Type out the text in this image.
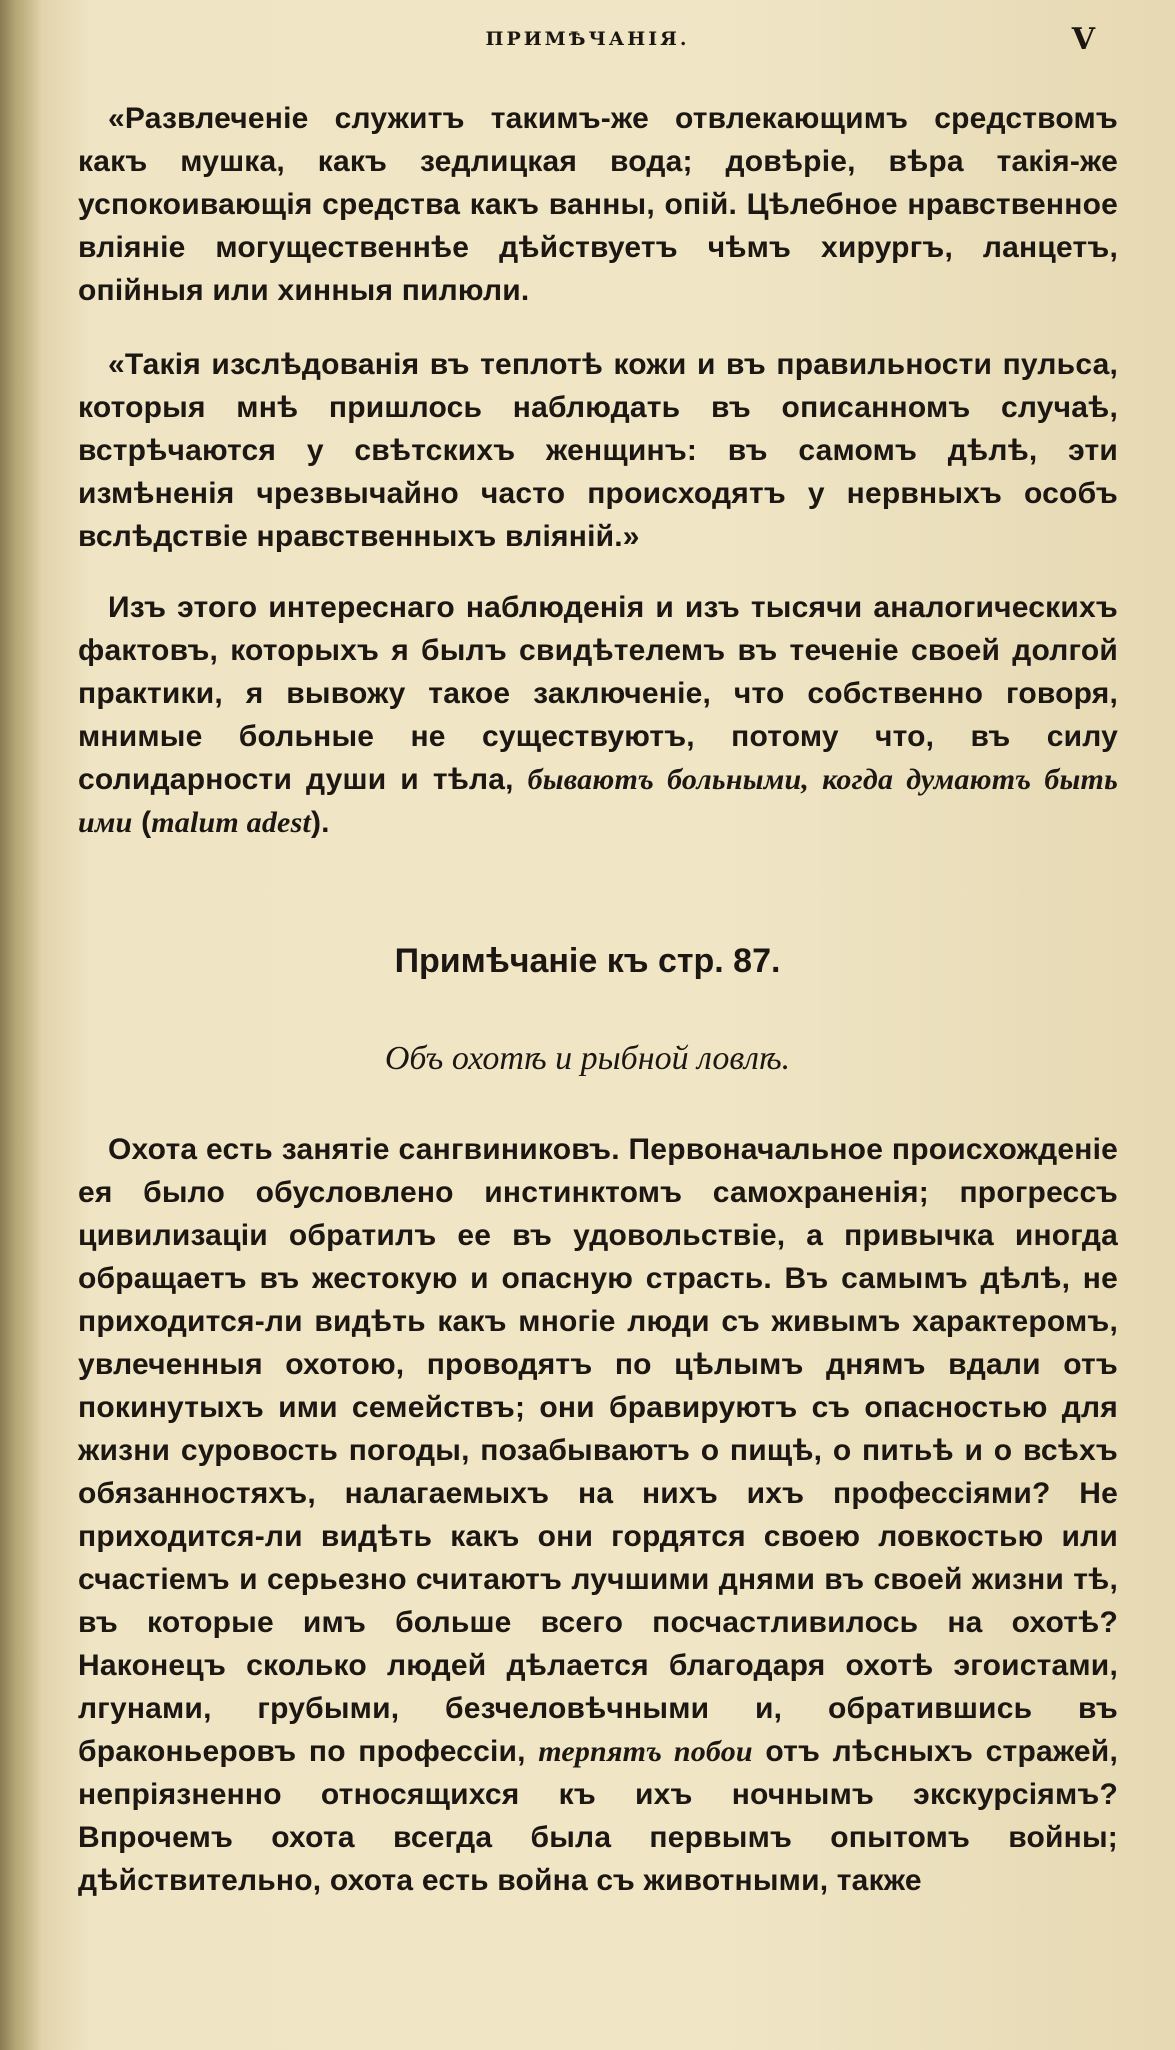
ПРИМѢЧАНІЯ.	V

«Развлеченіе служитъ такимъ-же отвлекающимъ средствомъ какъ мушка, какъ зедлицкая вода; довѣріе, вѣра такія-же успокоивающія средства какъ ванны, опій. Цѣлебное нравственное вліяніе могущественнѣе дѣйствуетъ чѣмъ хирургъ, ланцетъ, опійныя или хинныя пилюли.

«Такія изслѣдованія въ теплотѣ кожи и въ правильности пульса, которыя мнѣ пришлось наблюдать въ описанномъ случаѣ, встрѣчаются у свѣтскихъ женщинъ: въ самомъ дѣлѣ, эти измѣненія чрезвычайно часто происходятъ у нервныхъ особъ вслѣдствіе нравственныхъ вліяній.»

Изъ этого интереснаго наблюденія и изъ тысячи аналогическихъ фактовъ, которыхъ я былъ свидѣтелемъ въ теченіе своей долгой практики, я вывожу такое заключеніе, что собственно говоря, мнимые больные не существуютъ, потому что, въ силу солидарности души и тѣла, бываютъ больными, когда думаютъ быть ими (malum adest).

Примѣчаніе къ стр. 87.
Объ охотѣ и рыбной ловлѣ.

Охота есть занятіе сангвиниковъ. Первоначальное происхожденіе ея было обусловлено инстинктомъ самохраненія; прогрессъ цивилизаціи обратилъ ее въ удовольствіе, а привычка иногда обращаетъ въ жестокую и опасную страсть. Въ самымъ дѣлѣ, не приходится-ли видѣть какъ многіе люди съ живымъ характеромъ, увлеченныя охотою, проводятъ по цѣлымъ днямъ вдали отъ покинутыхъ ими семействъ; они бравируютъ съ опасностью для жизни суровость погоды, позабываютъ о пищѣ, о питьѣ и о всѣхъ обязанностяхъ, налагаемыхъ на нихъ ихъ профессіями? Не приходится-ли видѣть какъ они гордятся своею ловкостью или счастіемъ и серьезно считаютъ лучшими днями въ своей жизни тѣ, въ которые имъ больше всего посчастливилось на охотѣ? Наконецъ сколько людей дѣлается благодаря охотѣ эгоистами, лгунами, грубыми, безчеловѣчными и, обратившись въ браконьеровъ по профессіи, терпятъ побои отъ лѣсныхъ стражей, непріязненно относящихся къ ихъ ночнымъ экскурсіямъ? Впрочемъ охота всегда была первымъ опытомъ войны; дѣйствительно, охота есть война съ животными, также
